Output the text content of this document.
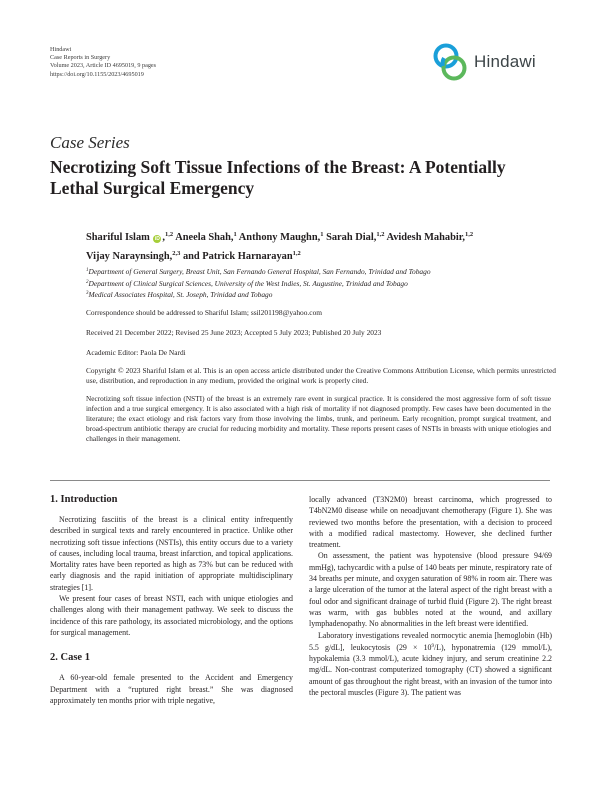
Hindawi
Case Reports in Surgery
Volume 2023, Article ID 4695019, 9 pages
https://doi.org/10.1155/2023/4695019
Hindawi
Case Series
Necrotizing Soft Tissue Infections of the Breast: A Potentially Lethal Surgical Emergency
Shariful Islam iD ,$^{1,2}$ Aneela Shah,$^1$ Anthony Maughn,$^1$ Sarah Dial,$^{1,2}$ Avidesh Mahabir,$^{1,2}$
Vijay Naraynsingh,$^{2,3}$ and Patrick Harnarayan$^{1,2}$
$^1$Department of General Surgery, Breast Unit, San Fernando General Hospital, San Fernando, Trinidad and Tobago
$^2$Department of Clinical Surgical Sciences, University of the West Indies, St. Augustine, Trinidad and Tobago
$^3$Medical Associates Hospital, St. Joseph, Trinidad and Tobago
Correspondence should be addressed to Shariful Islam; ssil201198@yahoo.com
Received 21 December 2022; Revised 25 June 2023; Accepted 5 July 2023; Published 20 July 2023
Academic Editor: Paola De Nardi
Copyright © 2023 Shariful Islam et al. This is an open access article distributed under the Creative Commons Attribution License, which permits unrestricted use, distribution, and reproduction in any medium, provided the original work is properly cited.
Necrotizing soft tissue infection (NSTI) of the breast is an extremely rare event in surgical practice. It is considered the most aggressive form of soft tissue infection and a true surgical emergency. It is also associated with a high risk of mortality if not diagnosed promptly. Few cases have been documented in the literature; the exact etiology and risk factors vary from those involving the limbs, trunk, and perineum. Early recognition, prompt surgical treatment, and broad-spectrum antibiotic therapy are crucial for reducing morbidity and mortality. These reports present cases of NSTIs in breasts with unique etiologies and challenges in their management.
1. Introduction

Necrotizing fasciitis of the breast is a clinical entity infrequently described in surgical texts and rarely encountered in practice. Unlike other necrotizing soft tissue infections (NSTIs), this entity occurs due to a variety of causes, including local trauma, breast infarction, and topical applications. Mortality rates have been reported as high as 73% but can be reduced with early diagnosis and the rapid initiation of appropriate multidisciplinary strategies [1].

We present four cases of breast NSTI, each with unique etiologies and challenges along with their management pathway. We seek to discuss the incidence of this rare pathology, its associated microbiology, and the options for surgical management.

2. Case 1

A 60-year-old female presented to the Accident and Emergency Department with a “ruptured right breast.” She was diagnosed approximately ten months prior with triple negative,

locally advanced (T3N2M0) breast carcinoma, which progressed to T4bN2M0 disease while on neoadjuvant chemotherapy (Figure 1). She was reviewed two months before the presentation, with a decision to proceed with a modified radical mastectomy. However, she declined further treatment.

On assessment, the patient was hypotensive (blood pressure 94/69 mmHg), tachycardic with a pulse of 140 beats per minute, respiratory rate of 34 breaths per minute, and oxygen saturation of 98% in room air. There was a large ulceration of the tumor at the lateral aspect of the right breast with a foul odor and significant drainage of turbid fluid (Figure 2). The right breast was warm, with gas bubbles noted at the wound, and axillary lymphadenopathy. No abnormalities in the left breast were identified.

Laboratory investigations revealed normocytic anemia [hemoglobin (Hb) 5.5 g/dL], leukocytosis $(29 \times 10^9/L)$, hyponatremia (129 mmol/L), hypokalemia (3.3 mmol/L), acute kidney injury, and serum creatinine 2.2 mg/dL. Non-contrast computerized tomography (CT) showed a significant amount of gas throughout the right breast, with an invasion of the tumor into the pectoral muscles (Figure 3). The patient was
